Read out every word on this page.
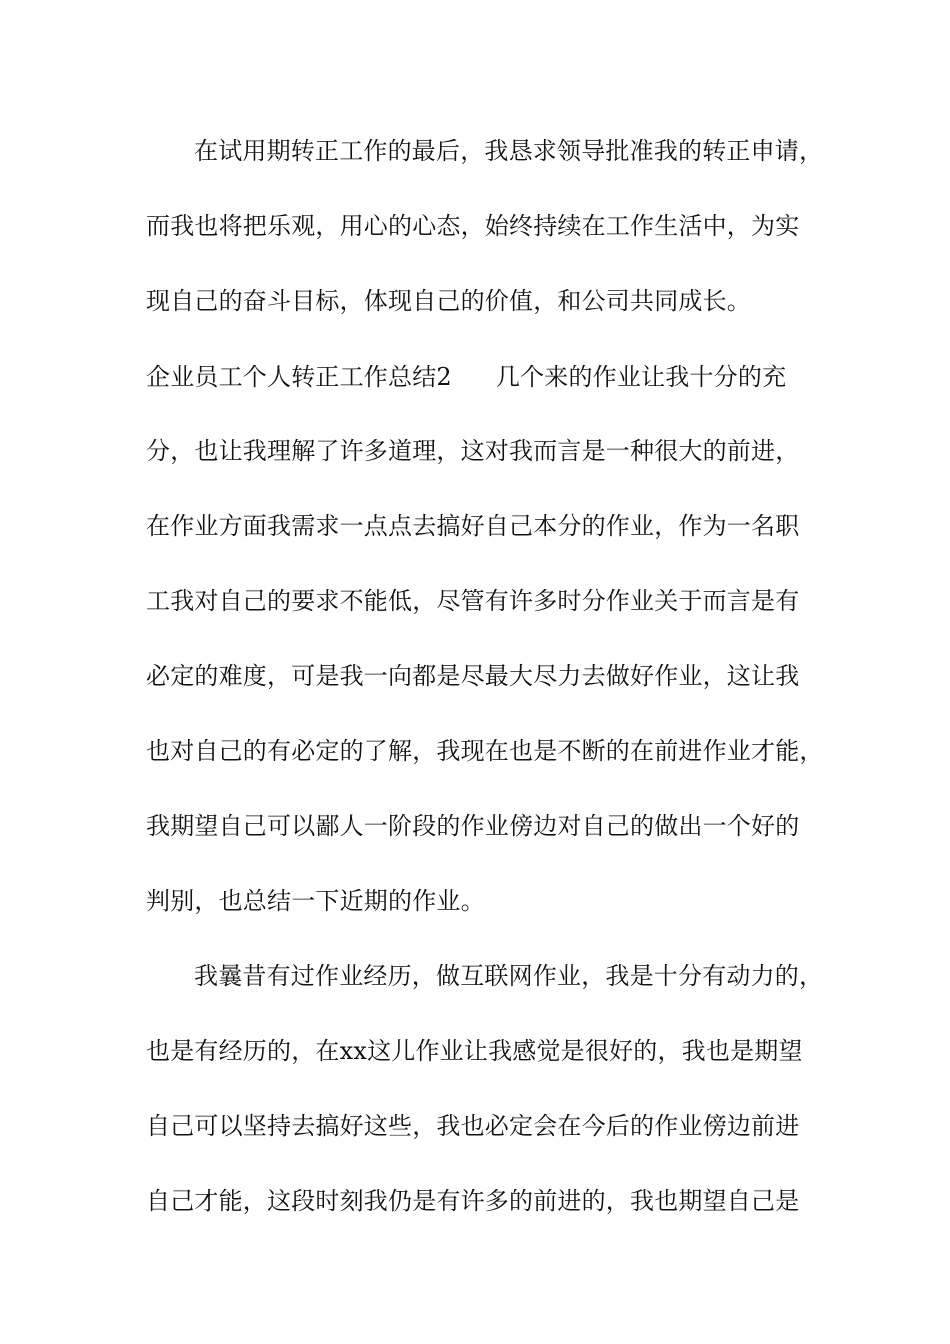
在试用期转正工作的最后，我恳求领导批准我的转正申请，
而我也将把乐观，用心的心态，始终持续在工作生活中，为实
现自己的奋斗目标，体现自己的价值，和公司共同成长。
企业员工个人转正工作总结2 几个来的作业让我十分的充
分，也让我理解了许多道理，这对我而言是一种很大的前进，
在作业方面我需求一点点去搞好自己本分的作业，作为一名职
工我对自己的要求不能低，尽管有许多时分作业关于而言是有
必定的难度，可是我一向都是尽最大尽力去做好作业，这让我
也对自己的有必定的了解，我现在也是不断的在前进作业才能，
我期望自己可以鄙人一阶段的作业傍边对自己的做出一个好的
判别，也总结一下近期的作业。
我曩昔有过作业经历，做互联网作业，我是十分有动力的，
也是有经历的，在xx这儿作业让我感觉是很好的，我也是期望
自己可以坚持去搞好这些，我也必定会在今后的作业傍边前进
自己才能，这段时刻我仍是有许多的前进的，我也期望自己是
